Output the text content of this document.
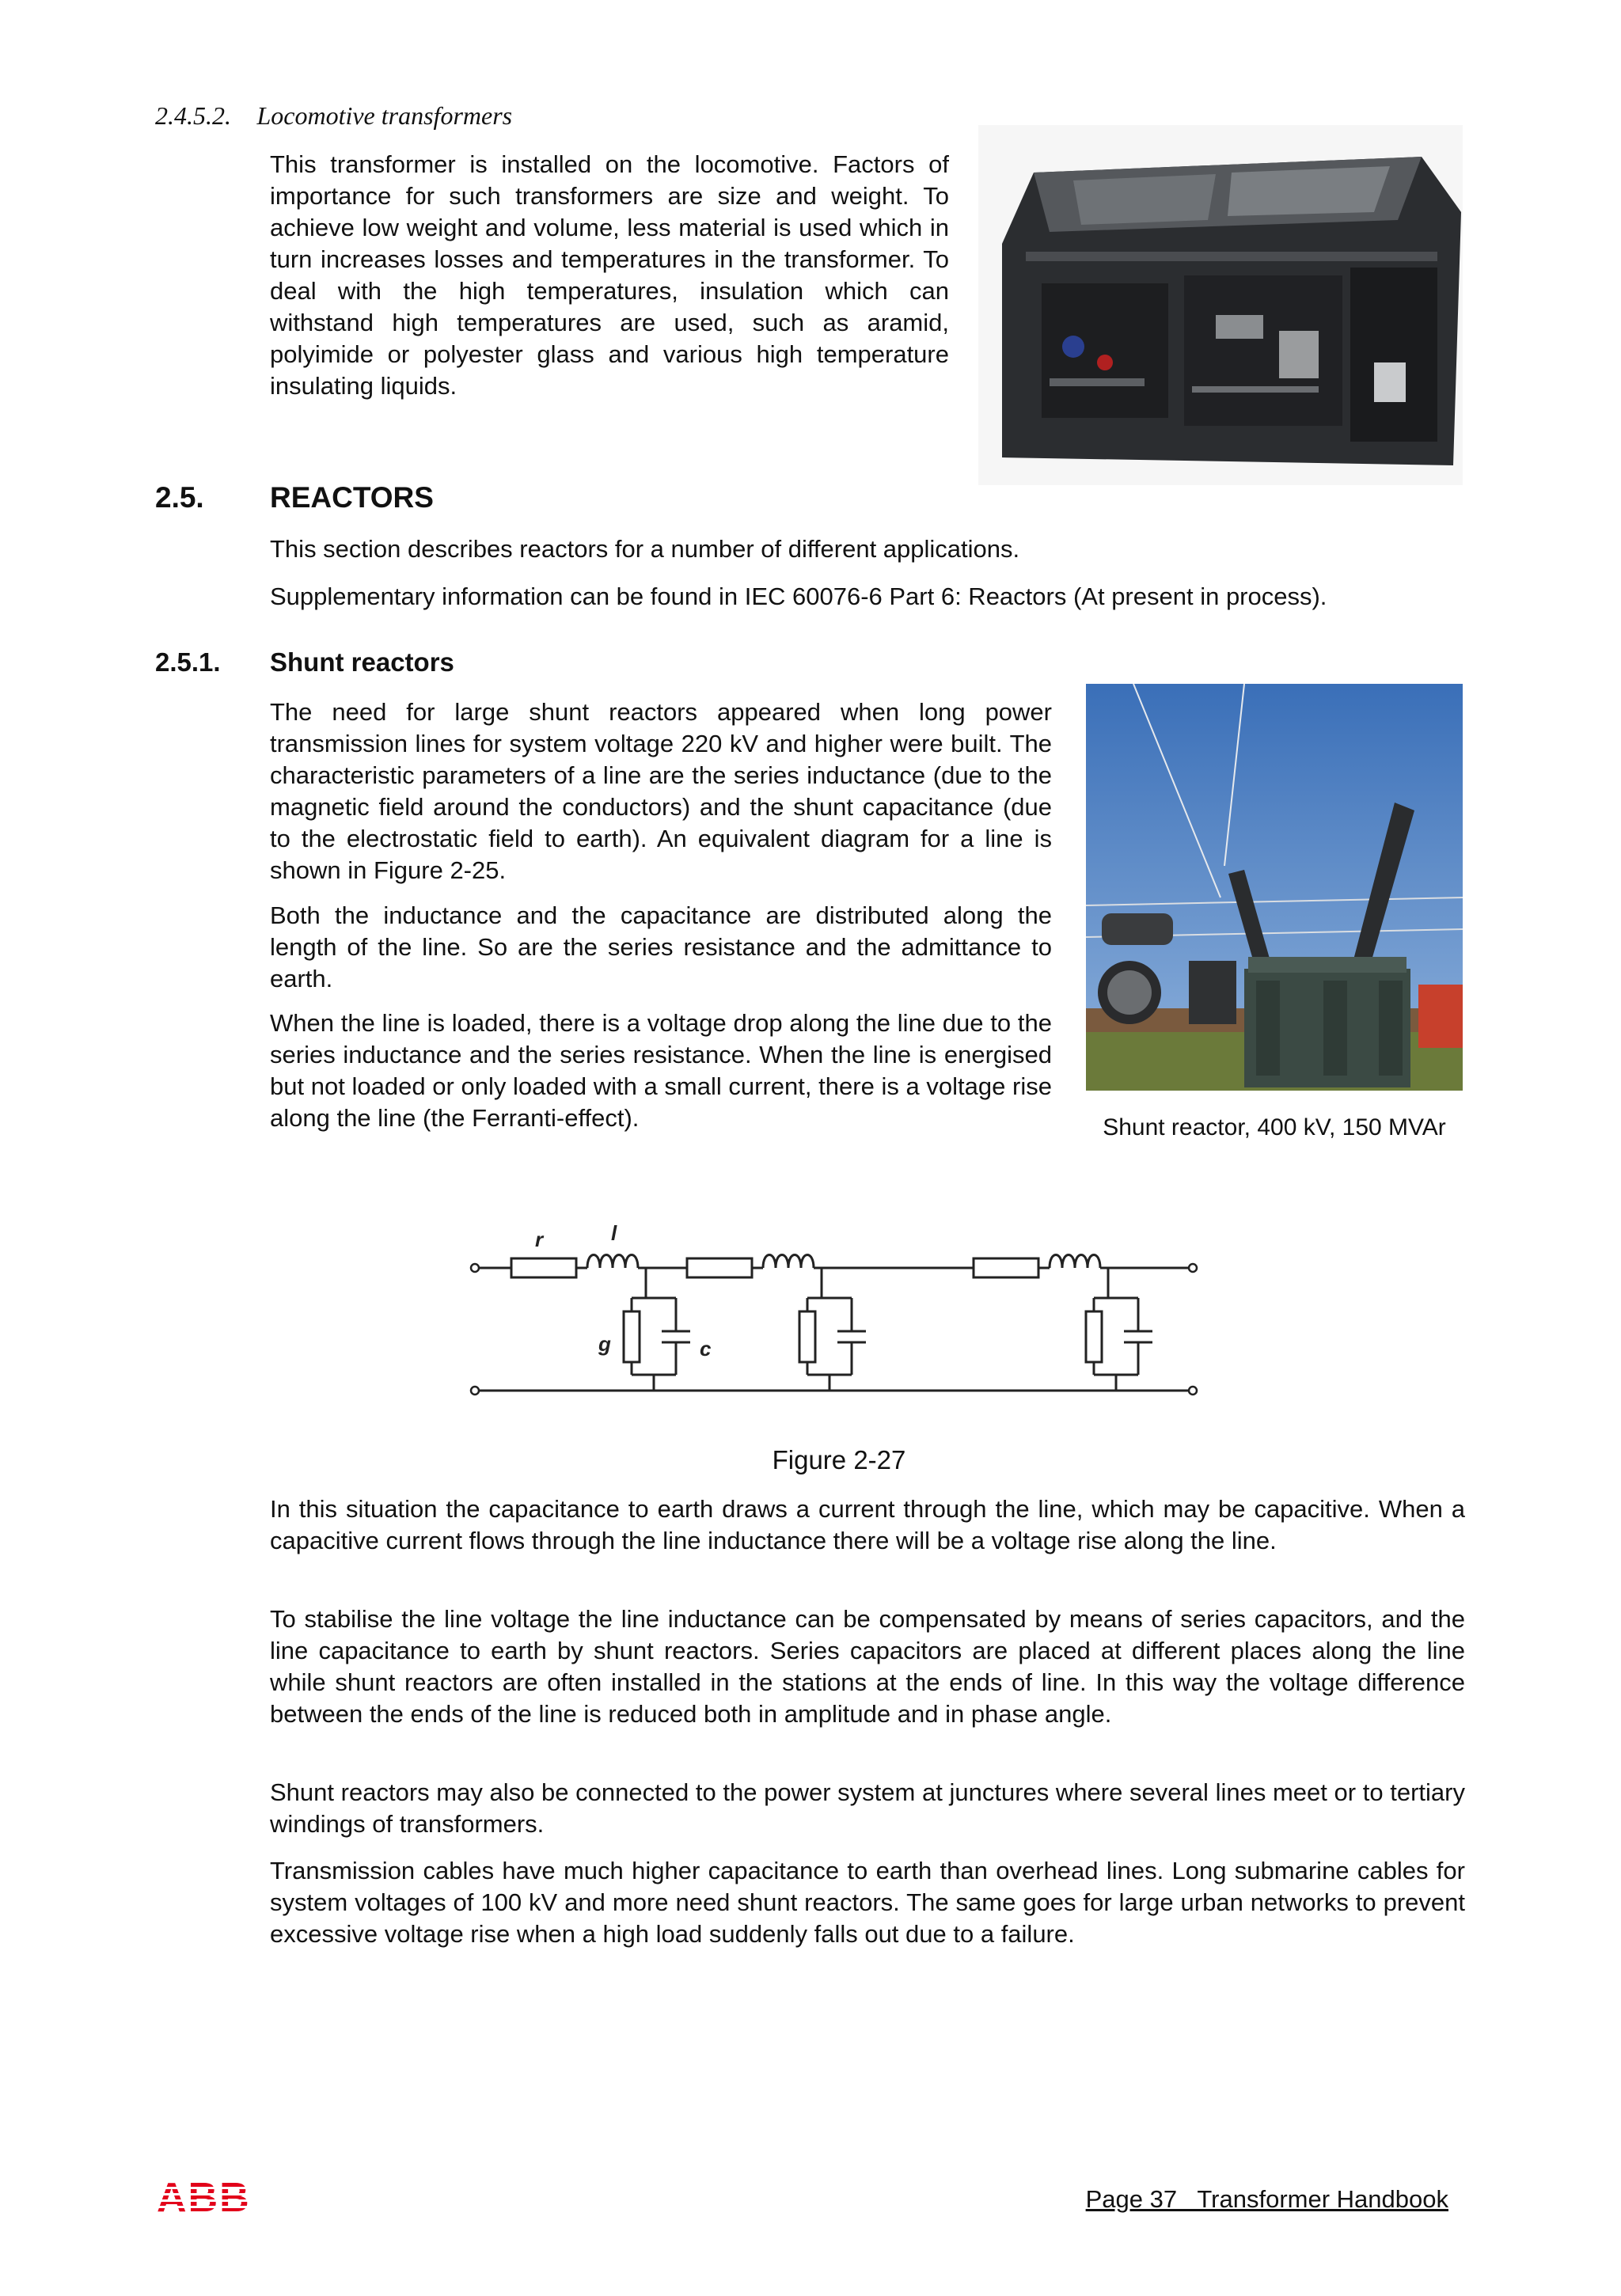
2.4.5.2. Locomotive transformers

This transformer is installed on the locomotive. Factors of importance for such transformers are size and weight. To achieve low weight and volume, less material is used which in turn increases losses and temperatures in the transformer. To deal with the high temperatures, insulation which can withstand high temperatures are used, such as aramid, polyimide or polyester glass and various high temperature insulating liquids.

2.5. REACTORS

This section describes reactors for a number of different applications.

Supplementary information can be found in IEC 60076-6 Part 6: Reactors (At present in process).

2.5.1. Shunt reactors

The need for large shunt reactors appeared when long power transmission lines for system voltage 220 kV and higher were built. The characteristic parameters of a line are the series inductance (due to the magnetic field around the conductors) and the shunt capacitance (due to the electrostatic field to earth). An equivalent diagram for a line is shown in Figure 2-25.

Both the inductance and the capacitance are distributed along the length of the line. So are the series resistance and the admittance to earth.

When the line is loaded, there is a voltage drop along the line due to the series inductance and the series resistance. When the line is energised but not loaded or only loaded with a small current, there is a voltage rise along the line (the Ferranti-effect).	Shunt reactor, 400 kV, 150 MVAr
r	l
g	c
Figure 2-27

In this situation the capacitance to earth draws a current through the line, which may be capacitive. When a capacitive current flows through the line inductance there will be a voltage rise along the line.

To stabilise the line voltage the line inductance can be compensated by means of series capacitors, and the line capacitance to earth by shunt reactors. Series capacitors are placed at different places along the line while shunt reactors are often installed in the stations at the ends of line. In this way the voltage difference between the ends of the line is reduced both in amplitude and in phase angle.

Shunt reactors may also be connected to the power system at junctures where several lines meet or to tertiary windings of transformers.

Transmission cables have much higher capacitance to earth than overhead lines. Long submarine cables for system voltages of 100 kV and more need shunt reactors. The same goes for large urban networks to prevent excessive voltage rise when a high load suddenly falls out due to a failure.

ABB	Page 37   Transformer Handbook
